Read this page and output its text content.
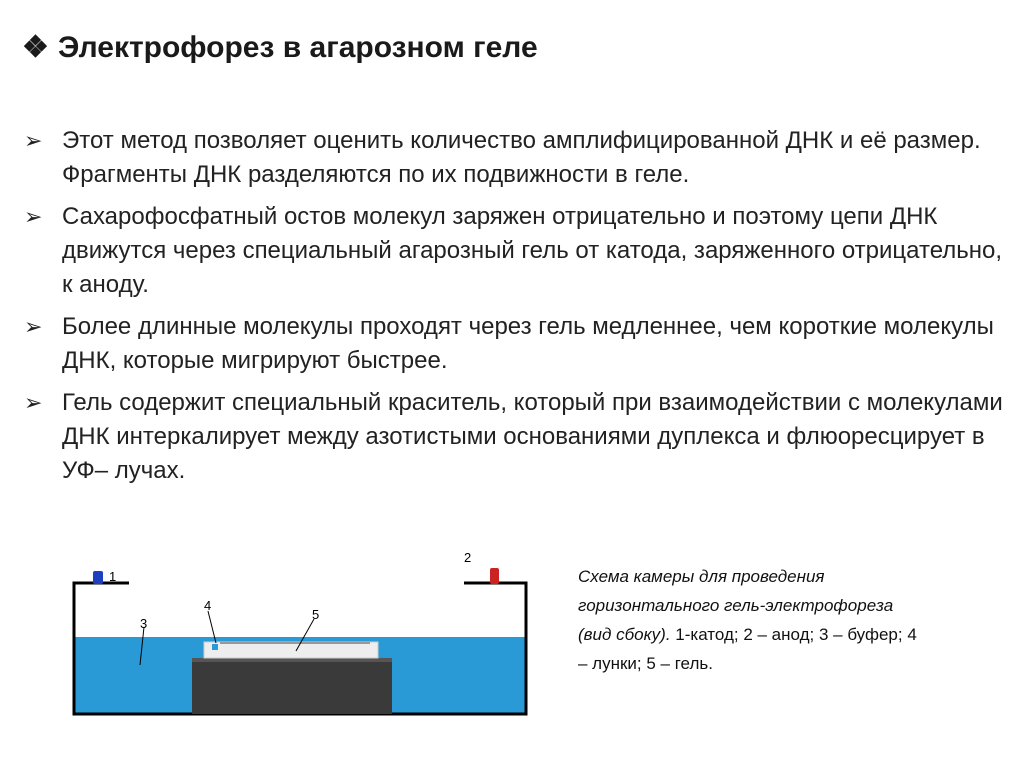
❖ Электрофорез в агарозном геле
➢ Этот метод позволяет оценить количество амплифицированной ДНК и её размер. Фрагменты ДНК разделяются по их подвижности в геле.
➢ Сахарофосфатный остов молекул заряжен отрицательно и поэтому цепи ДНК движутся через специальный агарозный гель от катода, заряженного отрицательно, к аноду.
➢ Более длинные молекулы проходят через гель медленнее, чем короткие молекулы ДНК, которые мигрируют быстрее.
➢ Гель содержит специальный краситель, который при взаимодействии с молекулами ДНК интеркалирует между азотистыми основаниями дуплекса и флюоресцирует в УФ– лучах.
1
2
3
4
5
Схема камеры для проведения горизонтального гель-электрофореза (вид сбоку). 1-катод; 2 – анод; 3 – буфер; 4 – лунки; 5 – гель.
